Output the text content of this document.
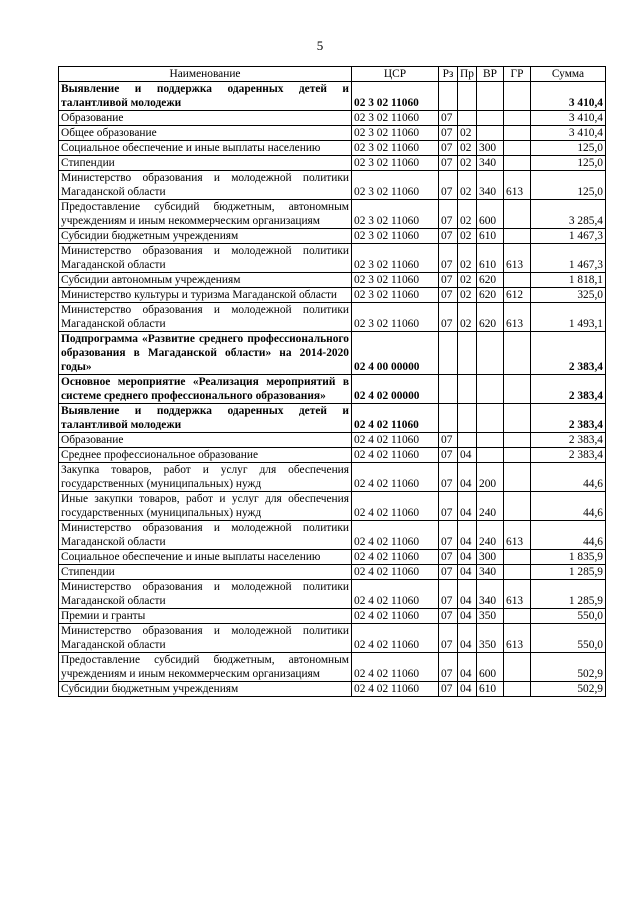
5
Наименование	ЦСР	Рз	Пр	ВР	ГР	Сумма
Выявление и поддержка одаренных детей и талантливой молодежи	02 3 02 11060					3 410,4
Образование	02 3 02 11060	07				3 410,4
Общее образование	02 3 02 11060	07	02			3 410,4
Социальное обеспечение и иные выплаты населению	02 3 02 11060	07	02	300		125,0
Стипендии	02 3 02 11060	07	02	340		125,0
Министерство образования и молодежной политики Магаданской области	02 3 02 11060	07	02	340	613	125,0
Предоставление субсидий бюджетным, автономным учреждениям и иным некоммерческим организациям	02 3 02 11060	07	02	600		3 285,4
Субсидии бюджетным учреждениям	02 3 02 11060	07	02	610		1 467,3
Министерство образования и молодежной политики Магаданской области	02 3 02 11060	07	02	610	613	1 467,3
Субсидии автономным учреждениям	02 3 02 11060	07	02	620		1 818,1
Министерство культуры и туризма Магаданской области	02 3 02 11060	07	02	620	612	325,0
Министерство образования и молодежной политики Магаданской области	02 3 02 11060	07	02	620	613	1 493,1
Подпрограмма «Развитие среднего профессионального образования в Магаданской области» на 2014-2020 годы»	02 4 00 00000					2 383,4
Основное мероприятие «Реализация мероприятий в системе среднего профессионального образования»	02 4 02 00000					2 383,4
Выявление и поддержка одаренных детей и талантливой молодежи	02 4 02 11060					2 383,4
Образование	02 4 02 11060	07				2 383,4
Среднее профессиональное образование	02 4 02 11060	07	04			2 383,4
Закупка товаров, работ и услуг для обеспечения государственных (муниципальных) нужд	02 4 02 11060	07	04	200		44,6
Иные закупки товаров, работ и услуг для обеспечения государственных (муниципальных) нужд	02 4 02 11060	07	04	240		44,6
Министерство образования и молодежной политики Магаданской области	02 4 02 11060	07	04	240	613	44,6
Социальное обеспечение и иные выплаты населению	02 4 02 11060	07	04	300		1 835,9
Стипендии	02 4 02 11060	07	04	340		1 285,9
Министерство образования и молодежной политики Магаданской области	02 4 02 11060	07	04	340	613	1 285,9
Премии и гранты	02 4 02 11060	07	04	350		550,0
Министерство образования и молодежной политики Магаданской области	02 4 02 11060	07	04	350	613	550,0
Предоставление субсидий бюджетным, автономным учреждениям и иным некоммерческим организациям	02 4 02 11060	07	04	600		502,9
Субсидии бюджетным учреждениям	02 4 02 11060	07	04	610		502,9
